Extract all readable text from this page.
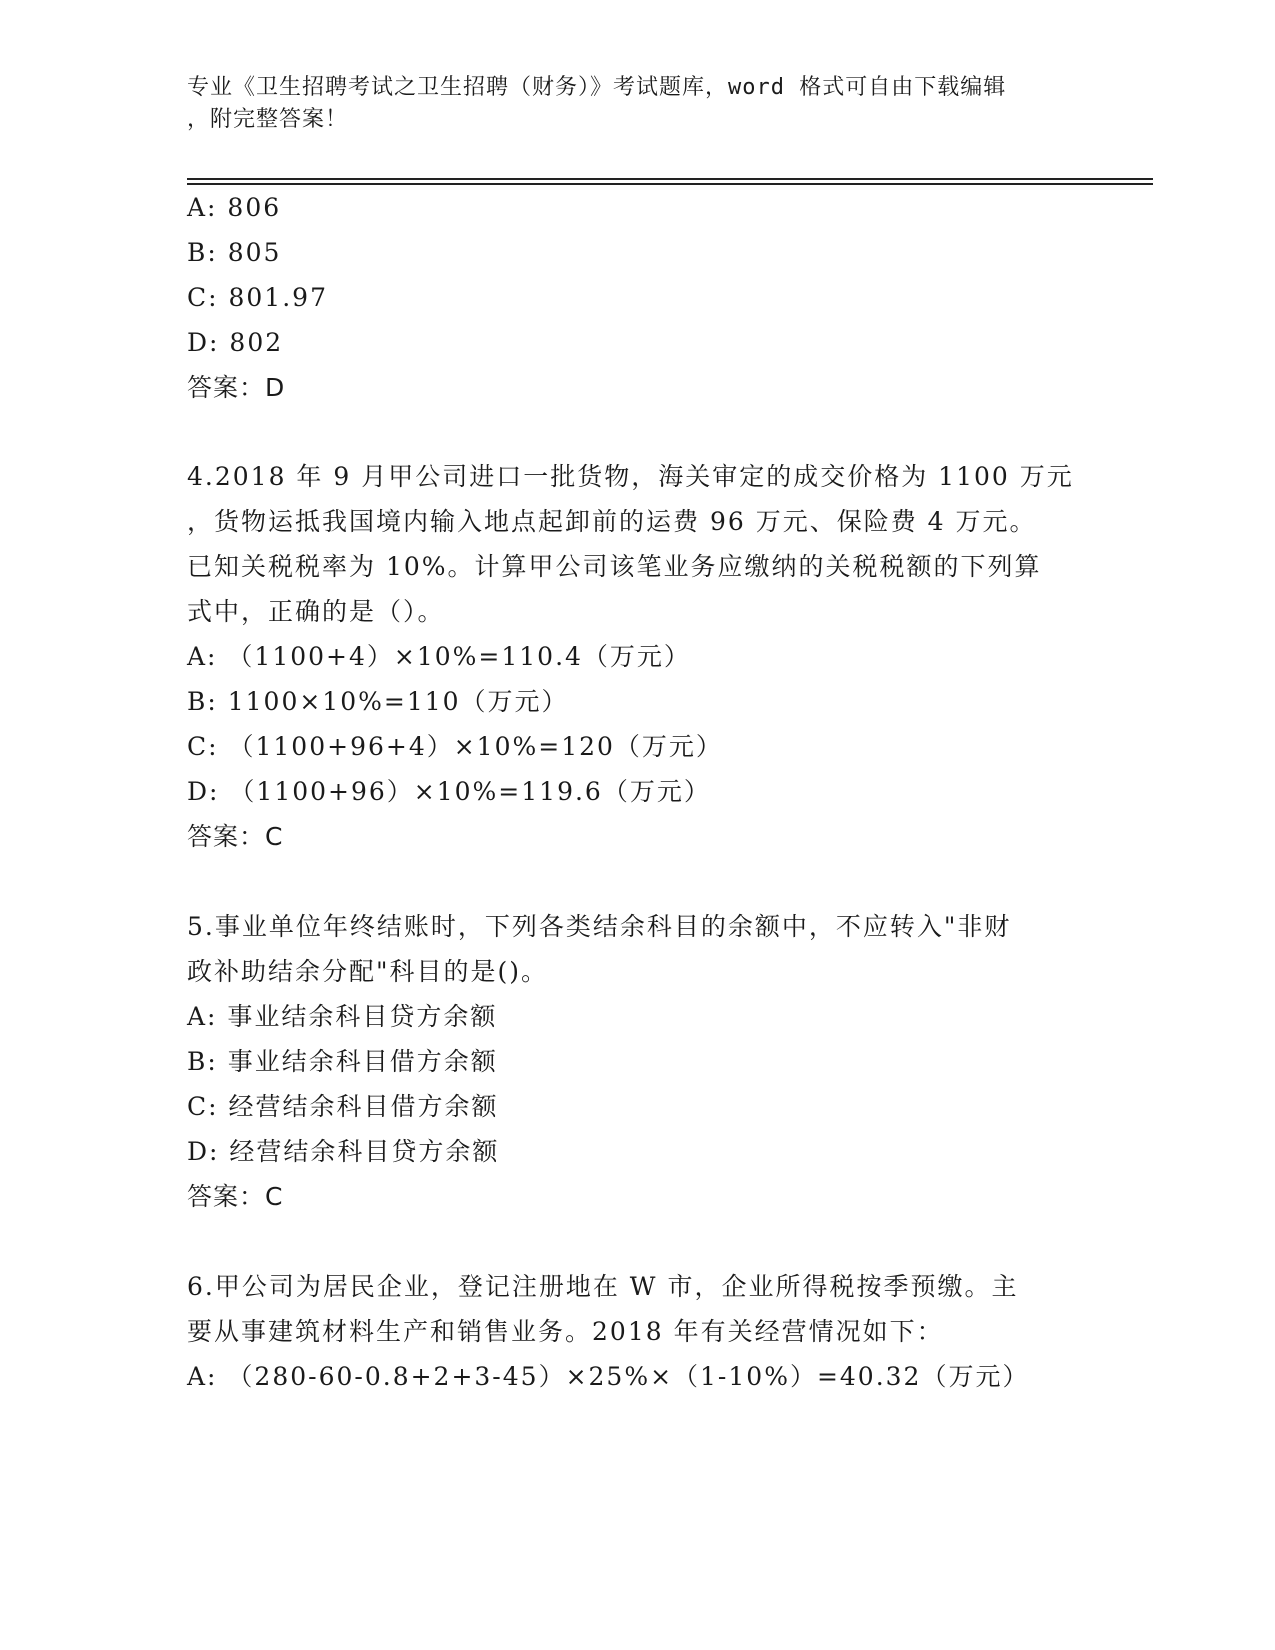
专业《卫生招聘考试之卫生招聘（财务）》考试题库，word 格式可自由下载编辑
，附完整答案！
A: 806
B: 805
C: 801.97
D: 802
答案：D
4.2018 年 9 月甲公司进口一批货物，海关审定的成交价格为 1100 万元
，货物运抵我国境内输入地点起卸前的运费 96 万元、保险费 4 万元。
已知关税税率为 10%。计算甲公司该笔业务应缴纳的关税税额的下列算
式中，正确的是（）。
A: （1100+4）×10%=110.4（万元）
B: 1100×10%=110（万元）
C: （1100+96+4）×10%=120（万元）
D: （1100+96）×10%=119.6（万元）
答案：C
5.事业单位年终结账时，下列各类结余科目的余额中，不应转入"非财
政补助结余分配"科目的是()。
A: 事业结余科目贷方余额
B: 事业结余科目借方余额
C: 经营结余科目借方余额
D: 经营结余科目贷方余额
答案：C
6.甲公司为居民企业，登记注册地在 W 市，企业所得税按季预缴。主
要从事建筑材料生产和销售业务。2018 年有关经营情况如下：
A: （280-60-0.8+2+3-45）×25%×（1-10%）=40.32（万元）
